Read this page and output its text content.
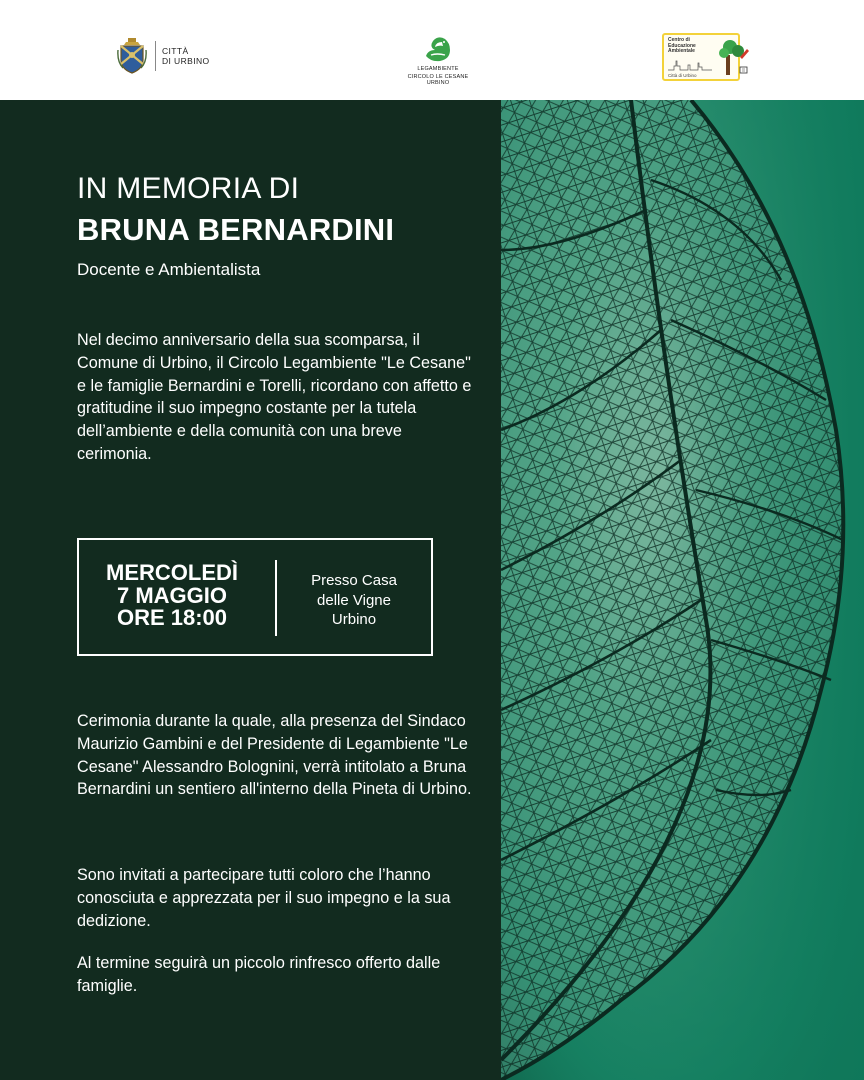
CITTÀ
DI URBINO
LEGAMBIENTE
CIRCOLO LE CESANE URBINO
Centro di
Educazione
Ambientale
Città di Urbino
IN MEMORIA DI
BRUNA BERNARDINI
Docente e Ambientalista
Nel decimo anniversario della sua scomparsa, il Comune di Urbino, il Circolo Legambiente "Le Cesane" e le famiglie Bernardini e Torelli, ricordano con affetto e gratitudine il suo impegno costante per la tutela dell’ambiente e della comunità con una breve cerimonia.
MERCOLEDÌ
7 MAGGIO
ORE 18:00
Presso Casa
delle Vigne
Urbino
Cerimonia durante la quale, alla presenza del Sindaco Maurizio Gambini e del Presidente di Legambiente "Le Cesane" Alessandro Bolognini, verrà intitolato a Bruna Bernardini un sentiero all'interno della Pineta di Urbino.
Sono invitati a partecipare tutti coloro che l’hanno conosciuta e apprezzata per il suo impegno e la sua dedizione.
Al termine seguirà un piccolo rinfresco offerto dalle famiglie.
